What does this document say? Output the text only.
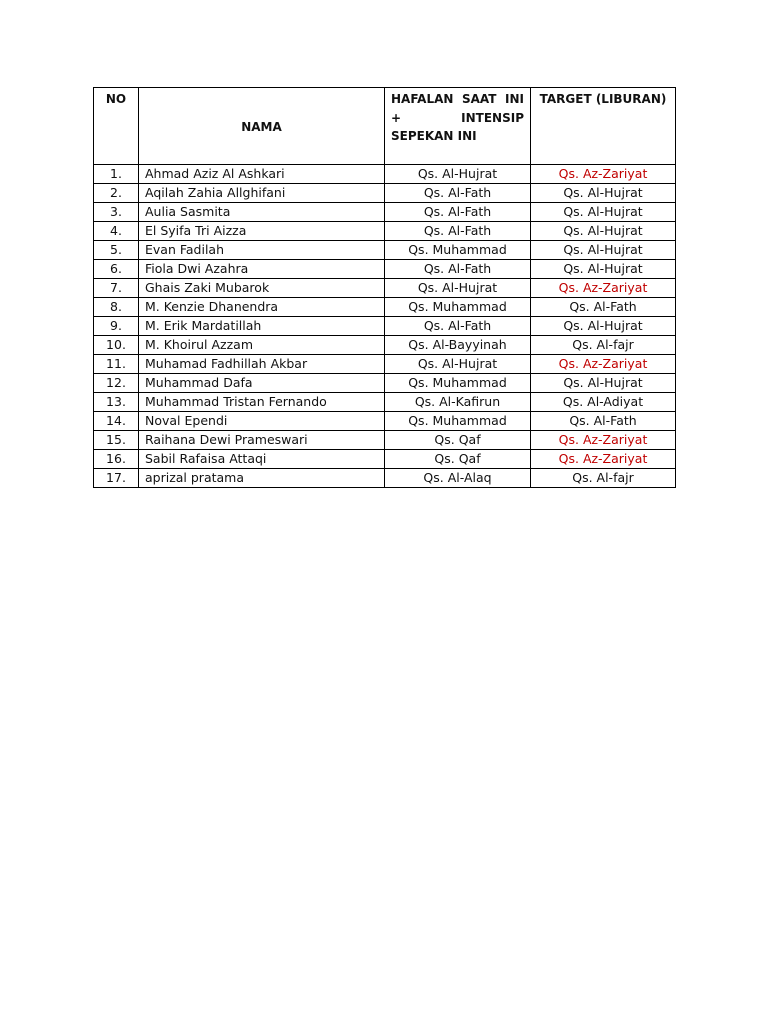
NO	NAMA	HAFALAN SAAT INI + INTENSIP SEPEKAN INI	TARGET (LIBURAN)
1.	Ahmad Aziz Al Ashkari	Qs. Al-Hujrat	Qs. Az-Zariyat
2.	Aqilah Zahia Allghifani	Qs. Al-Fath	Qs. Al-Hujrat
3.	Aulia Sasmita	Qs. Al-Fath	Qs. Al-Hujrat
4.	El Syifa Tri Aizza	Qs. Al-Fath	Qs. Al-Hujrat
5.	Evan Fadilah	Qs. Muhammad	Qs. Al-Hujrat
6.	Fiola Dwi Azahra	Qs. Al-Fath	Qs. Al-Hujrat
7.	Ghais Zaki Mubarok	Qs. Al-Hujrat	Qs. Az-Zariyat
8.	M. Kenzie Dhanendra	Qs. Muhammad	Qs. Al-Fath
9.	M. Erik Mardatillah	Qs. Al-Fath	Qs. Al-Hujrat
10.	M. Khoirul Azzam	Qs. Al-Bayyinah	Qs. Al-fajr
11.	Muhamad Fadhillah Akbar	Qs. Al-Hujrat	Qs. Az-Zariyat
12.	Muhammad Dafa	Qs. Muhammad	Qs. Al-Hujrat
13.	Muhammad Tristan Fernando	Qs. Al-Kafirun	Qs. Al-Adiyat
14.	Noval Ependi	Qs. Muhammad	Qs. Al-Fath
15.	Raihana Dewi Prameswari	Qs. Qaf	Qs. Az-Zariyat
16.	Sabil Rafaisa Attaqi	Qs. Qaf	Qs. Az-Zariyat
17.	aprizal pratama	Qs. Al-Alaq	Qs. Al-fajr
